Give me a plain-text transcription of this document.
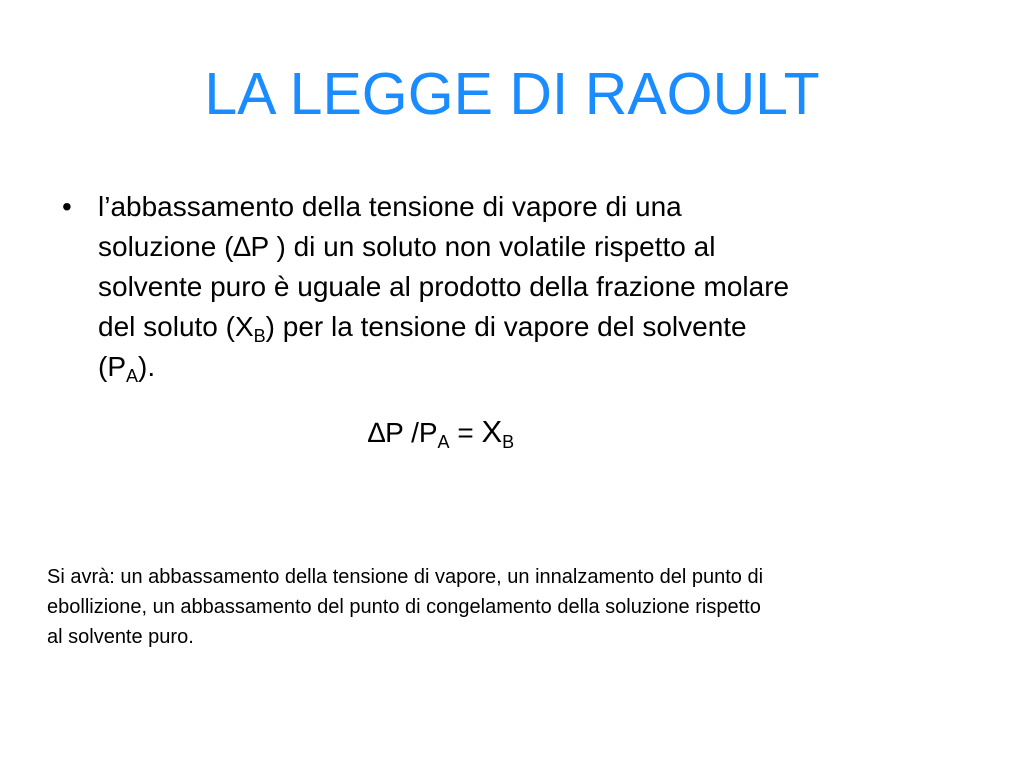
LA LEGGE DI RAOULT
• l’abbassamento della tensione di vapore di una
soluzione (∆P ) di un soluto non volatile rispetto al
solvente puro è uguale al prodotto della frazione molare
del soluto $(X_B)$ per la tensione di vapore del solvente
$(P_A)$.
∆P $/P_A = X_B$
Si avrà: un abbassamento della tensione di vapore, un innalzamento del punto di
ebollizione, un abbassamento del punto di congelamento della soluzione rispetto
al solvente puro.
